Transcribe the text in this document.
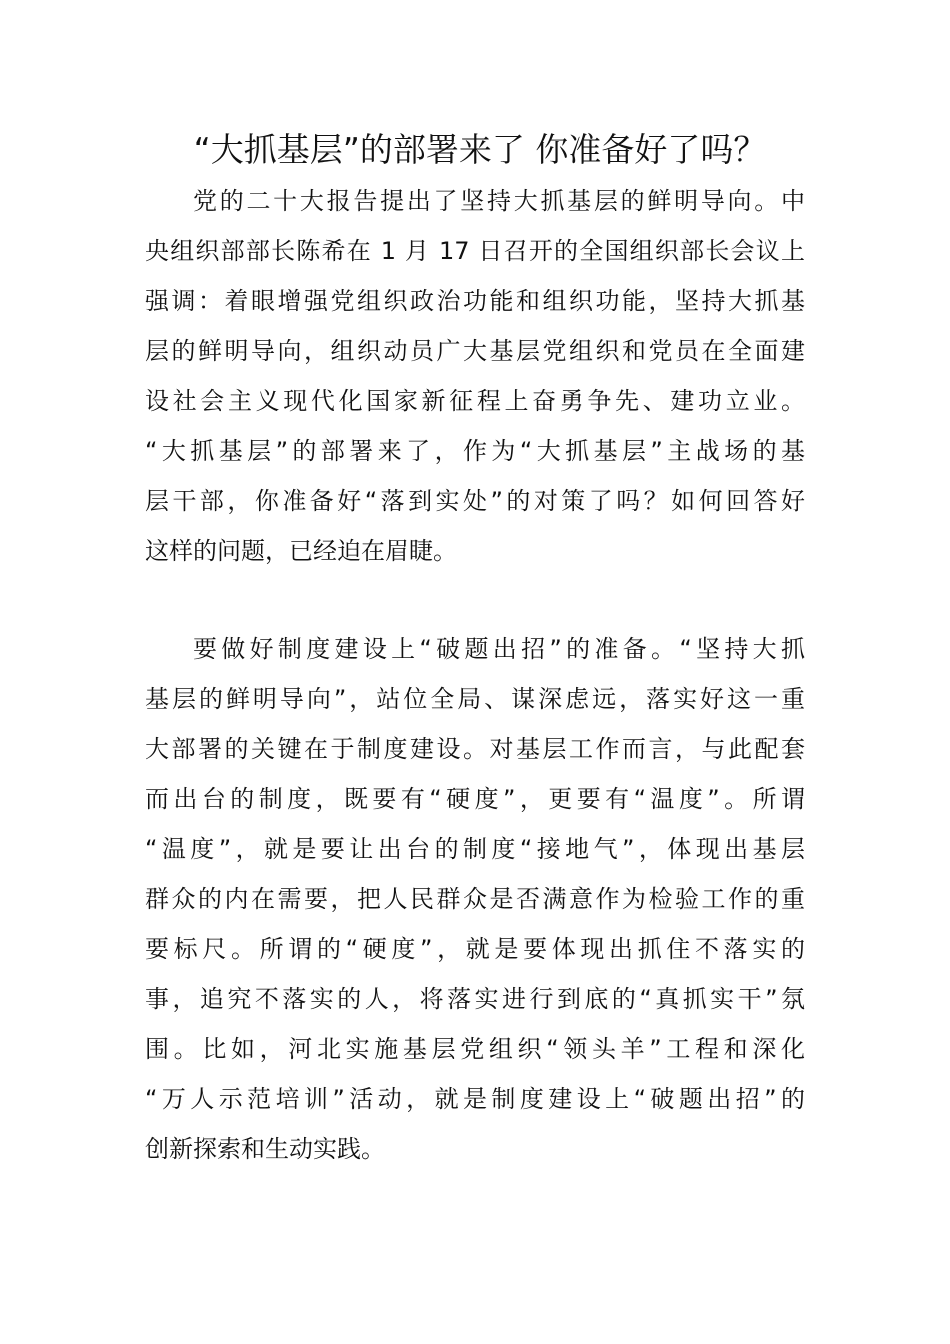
“大抓基层”的部署来了 你准备好了吗？
党的二十大报告提出了坚持大抓基层的鲜明导向。中
央组织部部长陈希在 1 月 17 日召开的全国组织部长会议上
强调：着眼增强党组织政治功能和组织功能，坚持大抓基
层的鲜明导向，组织动员广大基层党组织和党员在全面建
设社会主义现代化国家新征程上奋勇争先、建功立业。
“大抓基层”的部署来了，作为“大抓基层”主战场的基
层干部，你准备好“落到实处”的对策了吗？如何回答好
这样的问题，已经迫在眉睫。
要做好制度建设上“破题出招”的准备。“坚持大抓
基层的鲜明导向”，站位全局、谋深虑远，落实好这一重
大部署的关键在于制度建设。对基层工作而言，与此配套
而出台的制度，既要有“硬度”，更要有“温度”。所谓
“温度”，就是要让出台的制度“接地气”，体现出基层
群众的内在需要，把人民群众是否满意作为检验工作的重
要标尺。所谓的“硬度”，就是要体现出抓住不落实的
事，追究不落实的人，将落实进行到底的“真抓实干”氛
围。比如，河北实施基层党组织“领头羊”工程和深化
“万人示范培训”活动，就是制度建设上“破题出招”的
创新探索和生动实践。
